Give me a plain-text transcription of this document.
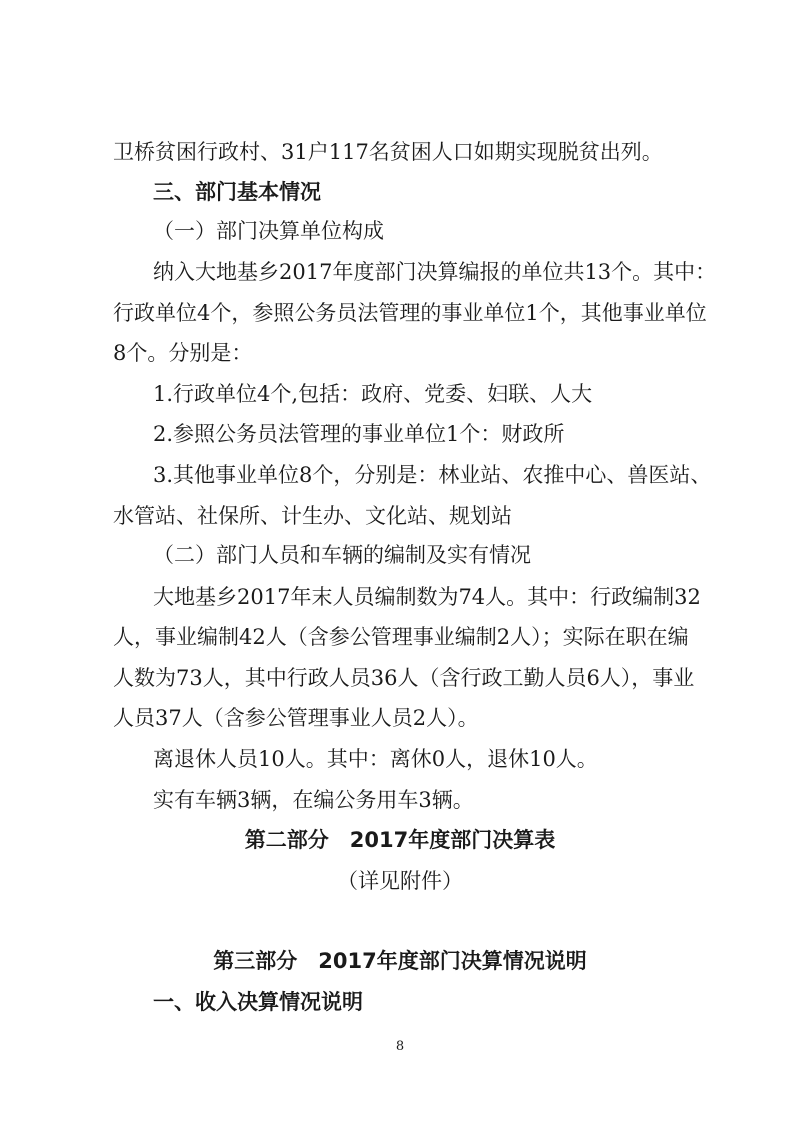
卫桥贫困行政村、31户117名贫困人口如期实现脱贫出列。
三、部门基本情况
（一）部门决算单位构成
纳入大地基乡2017年度部门决算编报的单位共13个。其中：
行政单位4个，参照公务员法管理的事业单位1个，其他事业单位
8个。分别是：
1.行政单位4个,包括：政府、党委、妇联、人大
2.参照公务员法管理的事业单位1个：财政所
3.其他事业单位8个，分别是：林业站、农推中心、兽医站、
水管站、社保所、计生办、文化站、规划站
（二）部门人员和车辆的编制及实有情况
大地基乡2017年末人员编制数为74人。其中：行政编制32
人，事业编制42人（含参公管理事业编制2人）；实际在职在编
人数为73人，其中行政人员36人（含行政工勤人员6人），事业
人员37人（含参公管理事业人员2人）。
离退休人员10人。其中：离休0人，退休10人。
实有车辆3辆，在编公务用车3辆。
第二部分　2017年度部门决算表
（详见附件）
第三部分　2017年度部门决算情况说明
一、收入决算情况说明
8
